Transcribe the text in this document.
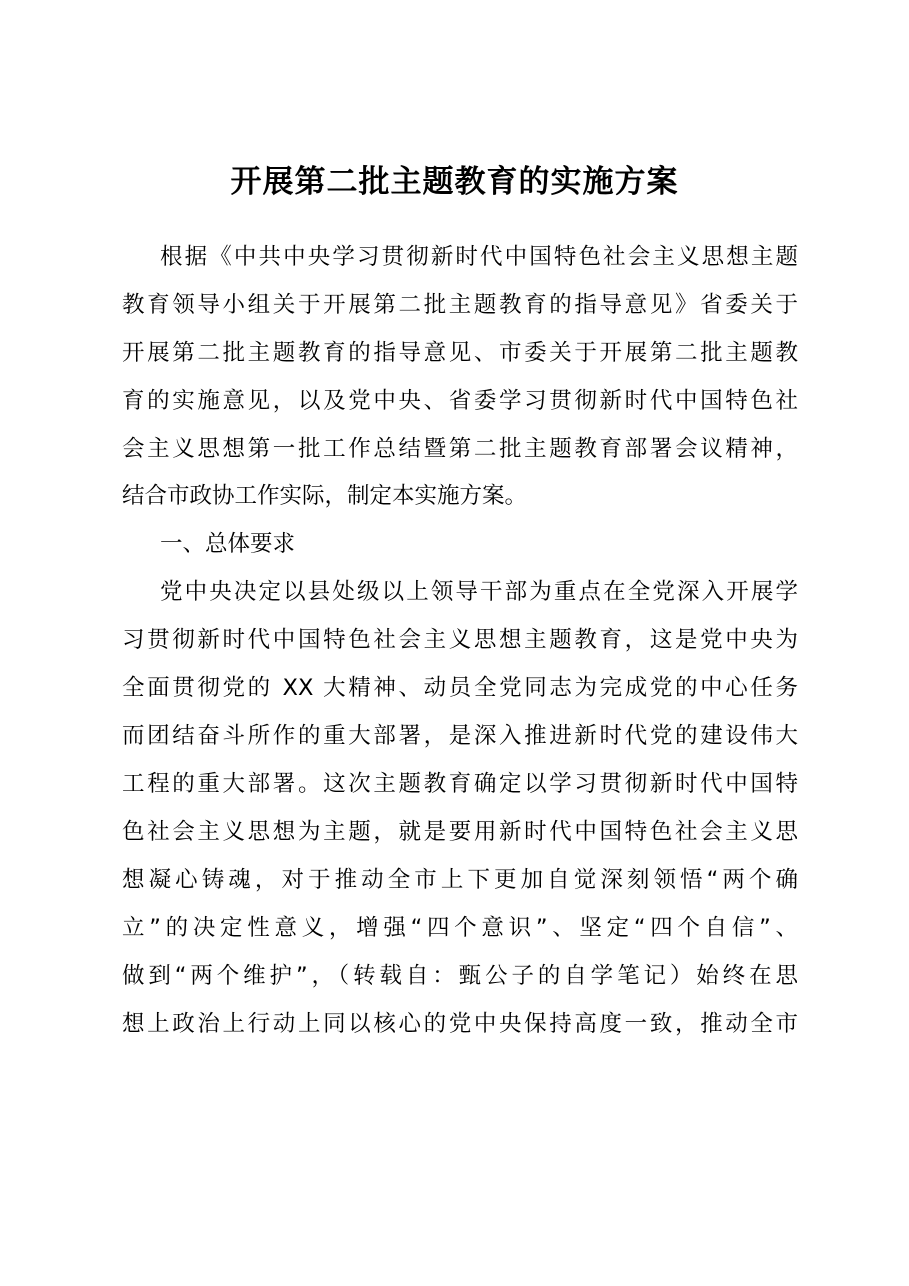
开展第二批主题教育的实施方案

根据《中共中央学习贯彻新时代中国特色社会主义思想主题

教育领导小组关于开展第二批主题教育的指导意见》省委关于

开展第二批主题教育的指导意见、市委关于开展第二批主题教

育的实施意见，以及党中央、省委学习贯彻新时代中国特色社

会主义思想第一批工作总结暨第二批主题教育部署会议精神，

结合市政协工作实际，制定本实施方案。

一、总体要求

党中央决定以县处级以上领导干部为重点在全党深入开展学

习贯彻新时代中国特色社会主义思想主题教育，这是党中央为

全面贯彻党的 XX 大精神、动员全党同志为完成党的中心任务

而团结奋斗所作的重大部署，是深入推进新时代党的建设伟大

工程的重大部署。这次主题教育确定以学习贯彻新时代中国特

色社会主义思想为主题，就是要用新时代中国特色社会主义思

想凝心铸魂，对于推动全市上下更加自觉深刻领悟“两个确

立”的决定性意义，增强“四个意识”、坚定“四个自信”、

做到“两个维护”，（转载自：甄公子的自学笔记）始终在思

想上政治上行动上同以核心的党中央保持高度一致，推动全市
